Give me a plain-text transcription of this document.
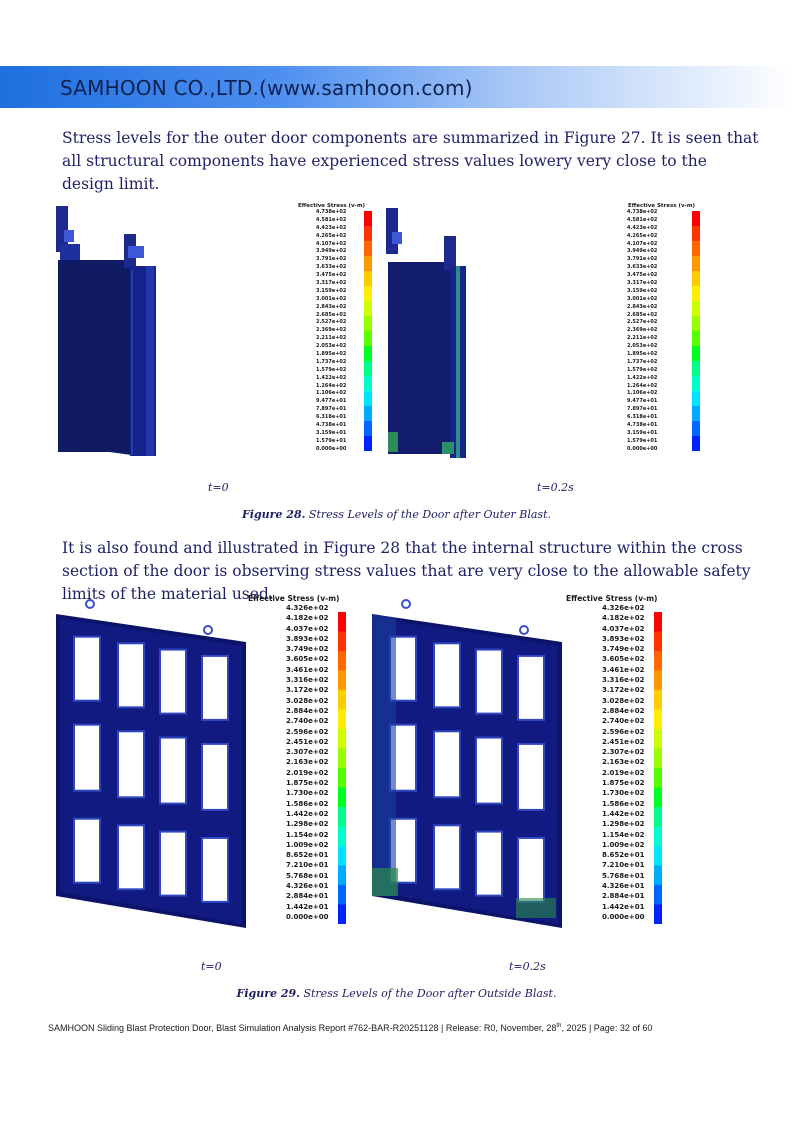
SAMHOON CO.,LTD.(www.samhoon.com)
Stress levels for the outer door components are summarized in Figure 27. It is seen that all structural components have experienced stress values lowery very close to the design limit.
Effective Stress (v-m)
4.738e+02
4.581e+02
4.423e+02
4.265e+02
4.107e+02
3.949e+02
3.791e+02
3.633e+02
3.475e+02
3.317e+02
3.159e+02
3.001e+02
2.843e+02
2.685e+02
2.527e+02
2.369e+02
2.211e+02
2.053e+02
1.895e+02
1.737e+02
1.579e+02
1.422e+02
1.264e+02
1.106e+02
9.477e+01
7.897e+01
6.318e+01
4.738e+01
3.159e+01
1.579e+01
0.000e+00
Effective Stress (v-m)
4.738e+02
4.581e+02
4.423e+02
4.265e+02
4.107e+02
3.949e+02
3.791e+02
3.633e+02
3.475e+02
3.317e+02
3.159e+02
3.001e+02
2.843e+02
2.685e+02
2.527e+02
2.369e+02
2.211e+02
2.053e+02
1.895e+02
1.737e+02
1.579e+02
1.422e+02
1.264e+02
1.106e+02
9.477e+01
7.897e+01
6.318e+01
4.738e+01
3.159e+01
1.579e+01
0.000e+00
t=0	t=0.2s
Figure 28. Stress Levels of the Door after Outer Blast.
It is also found and illustrated in Figure 28 that the internal structure within the cross section of the door is observing stress values that are very close to the allowable safety limits of the material used.
Effective Stress (v-m)
4.326e+02
4.182e+02
4.037e+02
3.893e+02
3.749e+02
3.605e+02
3.461e+02
3.316e+02
3.172e+02
3.028e+02
2.884e+02
2.740e+02
2.596e+02
2.451e+02
2.307e+02
2.163e+02
2.019e+02
1.875e+02
1.730e+02
1.586e+02
1.442e+02
1.298e+02
1.154e+02
1.009e+02
8.652e+01
7.210e+01
5.768e+01
4.326e+01
2.884e+01
1.442e+01
0.000e+00
Effective Stress (v-m)
4.326e+02
4.182e+02
4.037e+02
3.893e+02
3.749e+02
3.605e+02
3.461e+02
3.316e+02
3.172e+02
3.028e+02
2.884e+02
2.740e+02
2.596e+02
2.451e+02
2.307e+02
2.163e+02
2.019e+02
1.875e+02
1.730e+02
1.586e+02
1.442e+02
1.298e+02
1.154e+02
1.009e+02
8.652e+01
7.210e+01
5.768e+01
4.326e+01
2.884e+01
1.442e+01
0.000e+00
t=0	t=0.2s
Figure 29. Stress Levels of the Door after Outside Blast.
SAMHOON Sliding Blast Protection Door, Blast Simulation Analysis Report #762-BAR-R20251128 | Release: R0, November, 28th, 2025 | Page: 32 of 60
